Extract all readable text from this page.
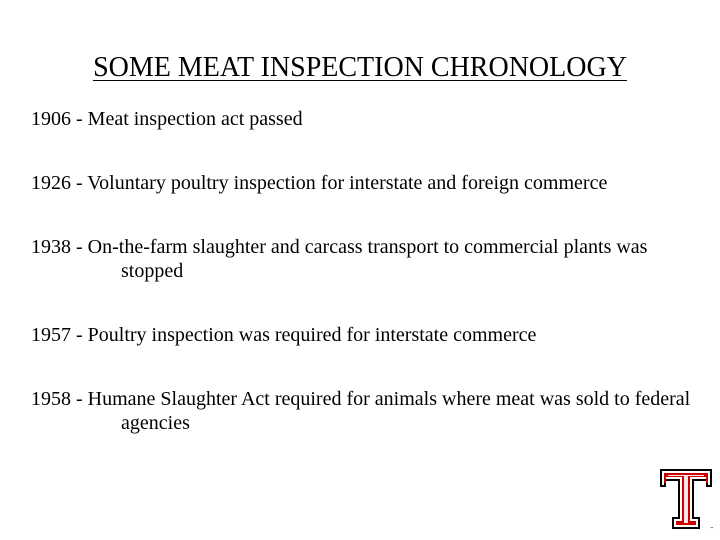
SOME MEAT INSPECTION CHRONOLOGY
1906 - Meat inspection act passed
1926 - Voluntary poultry inspection for interstate and foreign commerce
1938 - On-the-farm slaughter and carcass transport to commercial plants was stopped
1957 - Poultry inspection was required for interstate commerce
1958 - Humane Slaughter Act required for animals where meat was sold to federal agencies
™
